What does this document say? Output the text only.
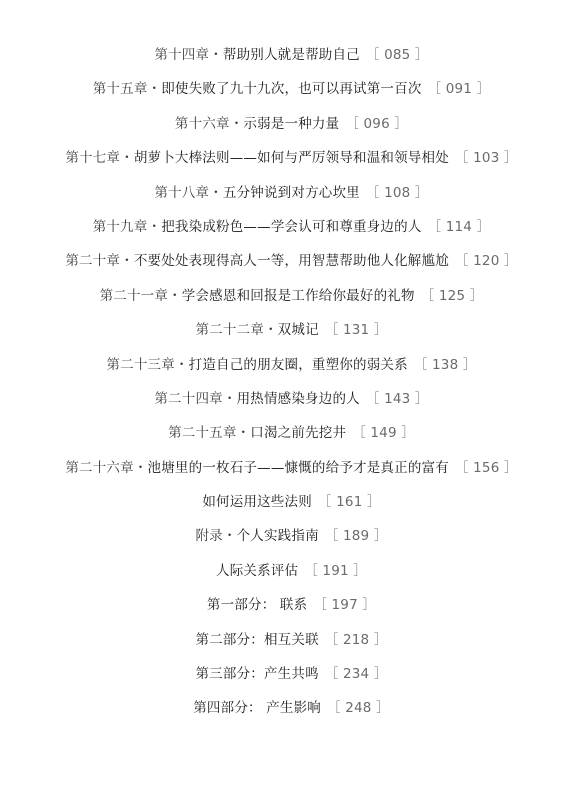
第十四章・帮助别人就是帮助自己 ［ 085 ］
第十五章・即使失败了九十九次，也可以再试第一百次 ［ 091 ］
第十六章・示弱是一种力量 ［ 096 ］
第十七章・胡萝卜大棒法则——如何与严厉领导和温和领导相处 ［ 103 ］
第十八章・五分钟说到对方心坎里 ［ 108 ］
第十九章・把我染成粉色——学会认可和尊重身边的人 ［ 114 ］
第二十章・不要处处表现得高人一等，用智慧帮助他人化解尴尬 ［ 120 ］
第二十一章・学会感恩和回报是工作给你最好的礼物 ［ 125 ］
第二十二章・双城记 ［ 131 ］
第二十三章・打造自己的朋友圈，重塑你的弱关系 ［ 138 ］
第二十四章・用热情感染身边的人 ［ 143 ］
第二十五章・口渴之前先挖井 ［ 149 ］
第二十六章・池塘里的一枚石子——慷慨的给予才是真正的富有 ［ 156 ］
如何运用这些法则 ［ 161 ］
附录・个人实践指南 ［ 189 ］
人际关系评估 ［ 191 ］
第一部分： 联系 ［ 197 ］
第二部分：相互关联 ［ 218 ］
第三部分：产生共鸣 ［ 234 ］
第四部分： 产生影响 ［ 248 ］
